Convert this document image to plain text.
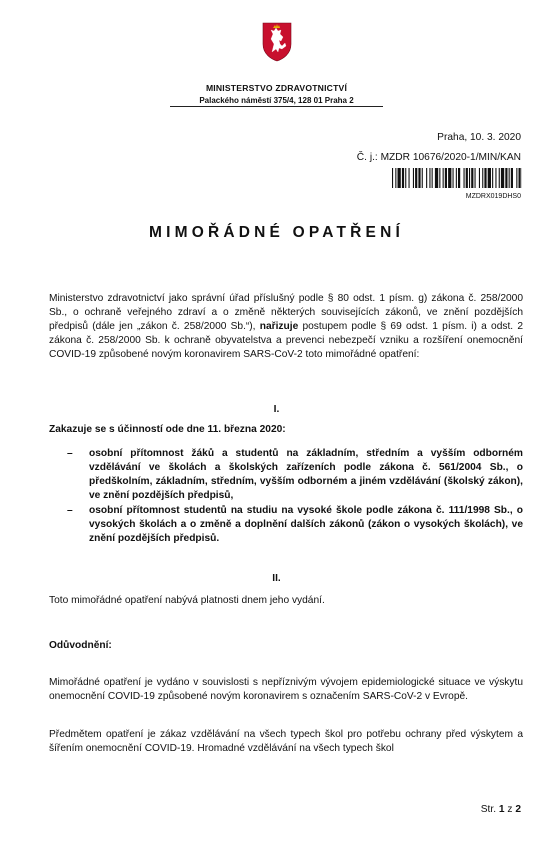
MINISTERSTVO ZDRAVOTNICTVÍ
Palackého náměstí 375/4, 128 01 Praha 2
Praha, 10. 3. 2020
Č. j.: MZDR 10676/2020-1/MIN/KAN
MZDRX019DHS0
MIMOŘÁDNÉ OPATŘENÍ
Ministerstvo zdravotnictví jako správní úřad příslušný podle § 80 odst. 1 písm. g) zákona č. 258/2000 Sb., o ochraně veřejného zdraví a o změně některých souvisejících zákonů, ve znění pozdějších předpisů (dále jen „zákon č. 258/2000 Sb.“), nařizuje postupem podle § 69 odst. 1 písm. i) a odst. 2 zákona č. 258/2000 Sb. k ochraně obyvatelstva a prevenci nebezpečí vzniku a rozšíření onemocnění COVID-19 způsobené novým koronavirem SARS-CoV-2 toto mimořádné opatření:
I.
Zakazuje se s účinností ode dne 11. března 2020:
– osobní přítomnost žáků a studentů na základním, středním a vyšším odborném vzdělávání ve školách a školských zařízeních podle zákona č. 561/2004 Sb., o předškolním, základním, středním, vyšším odborném a jiném vzdělávání (školský zákon), ve znění pozdějších předpisů,
– osobní přítomnost studentů na studiu na vysoké škole podle zákona č. 111/1998 Sb., o vysokých školách a o změně a doplnění dalších zákonů (zákon o vysokých školách), ve znění pozdějších předpisů.
II.
Toto mimořádné opatření nabývá platnosti dnem jeho vydání.
Odůvodnění:
Mimořádné opatření je vydáno v souvislosti s nepříznivým vývojem epidemiologické situace ve výskytu onemocnění COVID-19 způsobené novým koronavirem s označením SARS-CoV-2 v Evropě.
Předmětem opatření je zákaz vzdělávání na všech typech škol pro potřebu ochrany před výskytem a šířením onemocnění COVID-19. Hromadné vzdělávání na všech typech škol
Str. 1 z 2
